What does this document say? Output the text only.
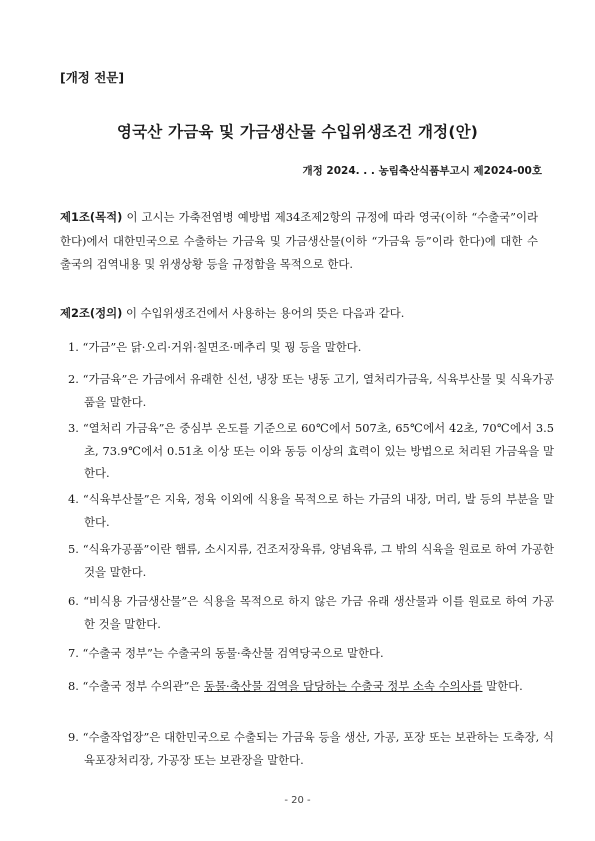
[개정 전문]
영국산 가금육 및 가금생산물 수입위생조건 개정(안)
개정 2024. . . 농림축산식품부고시 제2024-00호
제1조(목적) 이 고시는 가축전염병 예방법 제34조제2항의 규정에 따라 영국(이하 “수출국”이라 한다)에서 대한민국으로 수출하는 가금육 및 가금생산물(이하 “가금육 등”이라 한다)에 대한 수출국의 검역내용 및 위생상황 등을 규정함을 목적으로 한다.
제2조(정의) 이 수입위생조건에서 사용하는 용어의 뜻은 다음과 같다.
1. “가금”은 닭·오리·거위·칠면조·메추리 및 꿩 등을 말한다.
2. “가금육”은 가금에서 유래한 신선, 냉장 또는 냉동 고기, 열처리가금육, 식육부산물 및 식육가공품을 말한다.
3. “열처리 가금육”은 중심부 온도를 기준으로 60℃에서 507초, 65℃에서 42초, 70℃에서 3.5초, 73.9℃에서 0.51초 이상 또는 이와 동등 이상의 효력이 있는 방법으로 처리된 가금육을 말한다.
4. “식육부산물”은 지육, 정육 이외에 식용을 목적으로 하는 가금의 내장, 머리, 발 등의 부분을 말한다.
5. “식육가공품”이란 햄류, 소시지류, 건조저장육류, 양념육류, 그 밖의 식육을 원료로 하여 가공한 것을 말한다.
6. “비식용 가금생산물”은 식용을 목적으로 하지 않은 가금 유래 생산물과 이를 원료로 하여 가공한 것을 말한다.
7. “수출국 정부”는 수출국의 동물·축산물 검역당국으로 말한다.
8. “수출국 정부 수의관”은 동물·축산물 검역을 담당하는 수출국 정부 소속 수의사를 말한다.
9. “수출작업장”은 대한민국으로 수출되는 가금육 등을 생산, 가공, 포장 또는 보관하는 도축장, 식육포장처리장, 가공장 또는 보관장을 말한다.
- 20 -
